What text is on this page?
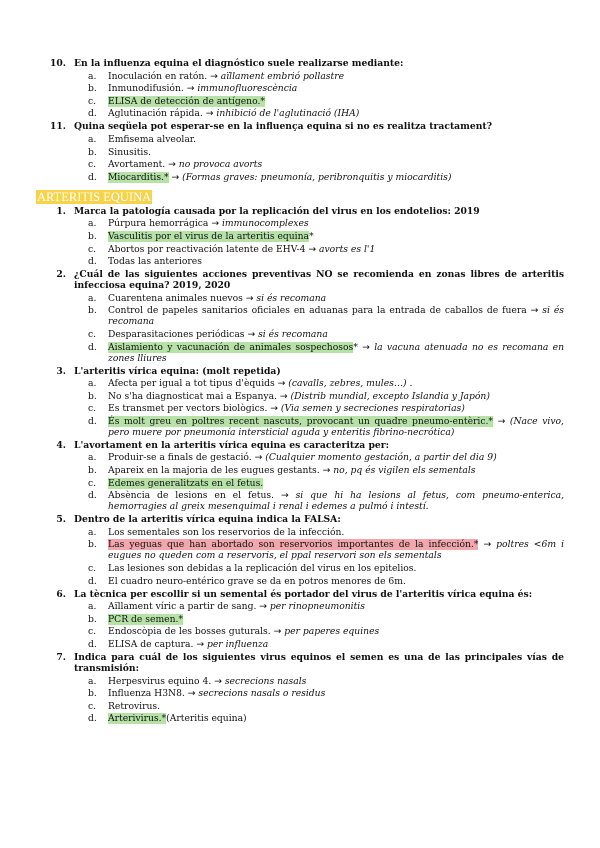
10. En la influenza equina el diagnóstico suele realizarse mediante:
a. Inoculación en ratón. → aïllament embrió pollastre
b. Inmunodifusión. → immunofluorescència
c. ELISA de detección de antígeno.*
d. Aglutinación rápida. → inhibició de l'aglutinació (IHA)
11. Quina seqüela pot esperar-se en la influença equina si no es realitza tractament?
a. Emfisema alveolar.
b. Sinusitis.
c. Avortament. → no provoca avorts
d. Miocarditis.* → (Formas graves: pneumonía, peribronquitis y miocarditis)
ARTERITIS EQUINA
1. Marca la patología causada por la replicación del virus en los endotelios: 2019
a. Púrpura hemorrágica → immunocomplexes
b. Vasculitis por el virus de la arteritis equina*
c. Abortos por reactivación latente de EHV-4 → avorts es l'1
d. Todas las anteriores
2. ¿Cuál de las siguientes acciones preventivas NO se recomienda en zonas libres de arteritis infecciosa equina? 2019, 2020
a. Cuarentena animales nuevos → si és recomana
b. Control de papeles sanitarios oficiales en aduanas para la entrada de caballos de fuera → si és recomana
c. Desparasitaciones periódicas → si és recomana
d. Aislamiento y vacunación de animales sospechosos* → la vacuna atenuada no es recomana en zones lliures
3. L'arteritis vírica equina: (molt repetida)
a. Afecta per igual a tot tipus d'èquids → (cavalls, zebres, mules…) .
b. No s'ha diagnosticat mai a Espanya. → (Distrib mundial, excepto Islandia y Japón)
c. Es transmet per vectors biològics. → (Via semen y secreciones respiratorias)
d. És molt greu en poltres recent nascuts, provocant un quadre pneumo-entèric.* → (Nace vivo, pero muere por pneumonía intersticial aguda y enteritis fibrino-necrótica)
4. L'avortament en la arteritis vírica equina es caracteritza per:
a. Produir-se a finals de gestació. → (Cualquier momento gestación, a partir del dia 9)
b. Apareix en la majoria de les eugues gestants. → no, pq és vigilen els sementals
c. Edemes generalitzats en el fetus.
d. Absència de lesions en el fetus. → si que hi ha lesions al fetus, com pneumo-enterica, hemorragies al greix mesenquimal i renal i edemes a pulmó i intestí.
5. Dentro de la arteritis vírica equina indica la FALSA:
a. Los sementales son los reservorios de la infección.
b. Las yeguas que han abortado son reservorios importantes de la infección.* → poltres <6m i eugues no queden com a reservoris, el ppal reservori son els sementals
c. Las lesiones son debidas a la replicación del virus en los epitelios.
d. El cuadro neuro-entérico grave se da en potros menores de 6m.
6. La tècnica per escollir si un semental és portador del virus de l'arteritis vírica equina és:
a. Aïllament víric a partir de sang. → per rinopneumonitis
b. PCR de semen.*
c. Endoscòpia de les bosses guturals. → per paperes equines
d. ELISA de captura. → per influenza
7. Indica para cuál de los siguientes virus equinos el semen es una de las principales vías de transmisión:
a. Herpesvirus equino 4. → secrecions nasals
b. Influenza H3N8. → secrecions nasals o residus
c. Retrovirus.
d. Arterivirus.*(Arteritis equina)
